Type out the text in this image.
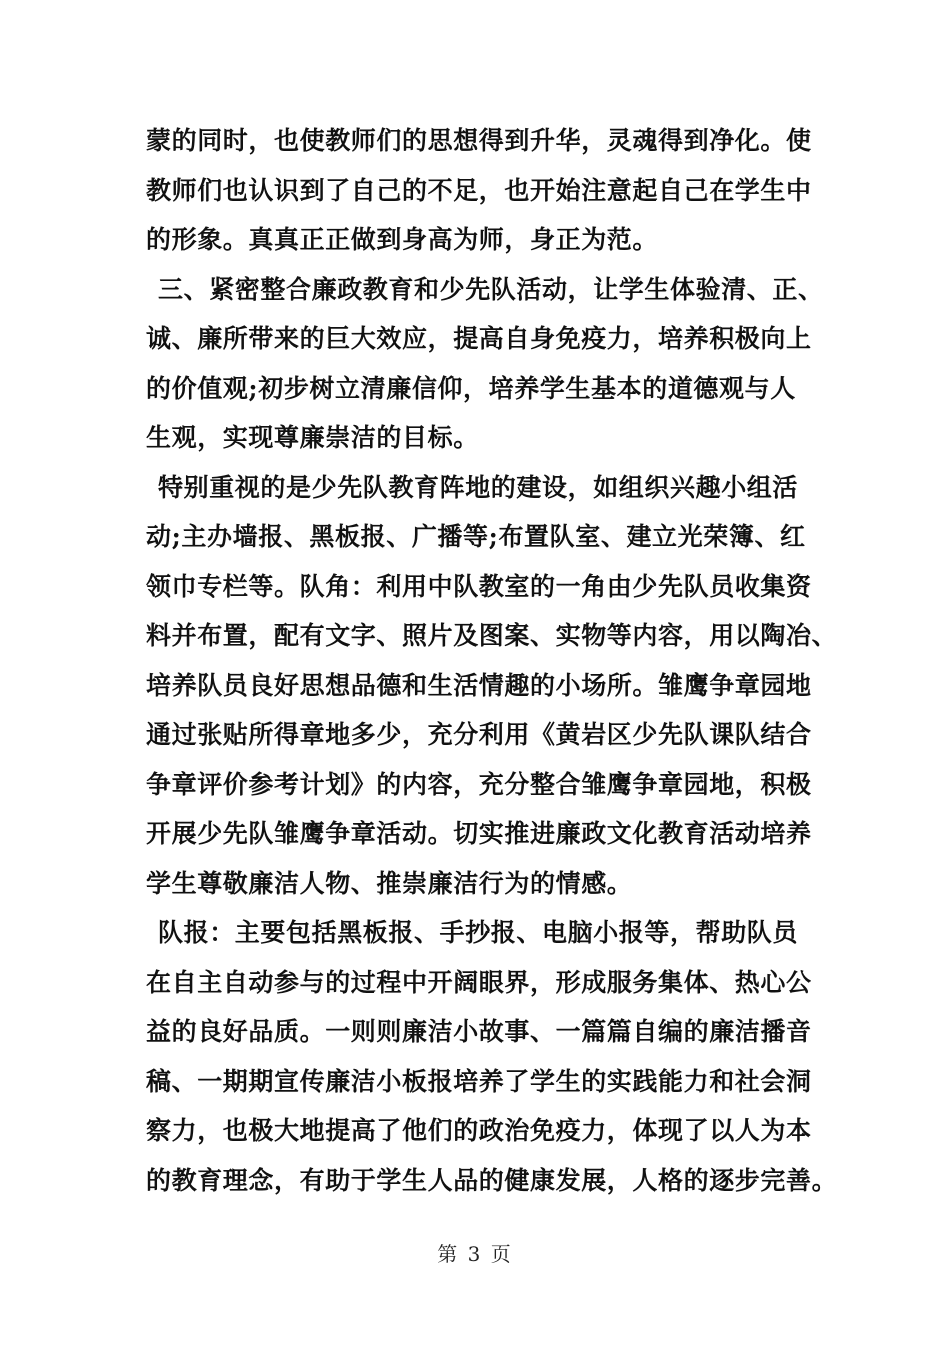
蒙的同时，也使教师们的思想得到升华，灵魂得到净化。使
教师们也认识到了自己的不足，也开始注意起自己在学生中
的形象。真真正正做到身高为师，身正为范。
三、紧密整合廉政教育和少先队活动，让学生体验清、正、
诚、廉所带来的巨大效应，提高自身免疫力，培养积极向上
的价值观;初步树立清廉信仰，培养学生基本的道德观与人
生观，实现尊廉崇洁的目标。
特别重视的是少先队教育阵地的建设，如组织兴趣小组活
动;主办墙报、黑板报、广播等;布置队室、建立光荣簿、红
领巾专栏等。队角：利用中队教室的一角由少先队员收集资
料并布置，配有文字、照片及图案、实物等内容，用以陶冶、
培养队员良好思想品德和生活情趣的小场所。雏鹰争章园地
通过张贴所得章地多少，充分利用《黄岩区少先队课队结合
争章评价参考计划》的内容，充分整合雏鹰争章园地，积极
开展少先队雏鹰争章活动。切实推进廉政文化教育活动培养
学生尊敬廉洁人物、推崇廉洁行为的情感。
队报：主要包括黑板报、手抄报、电脑小报等，帮助队员
在自主自动参与的过程中开阔眼界，形成服务集体、热心公
益的良好品质。一则则廉洁小故事、一篇篇自编的廉洁播音
稿、一期期宣传廉洁小板报培养了学生的实践能力和社会洞
察力，也极大地提高了他们的政治免疫力，体现了以人为本
的教育理念，有助于学生人品的健康发展，人格的逐步完善。
第 3 页
